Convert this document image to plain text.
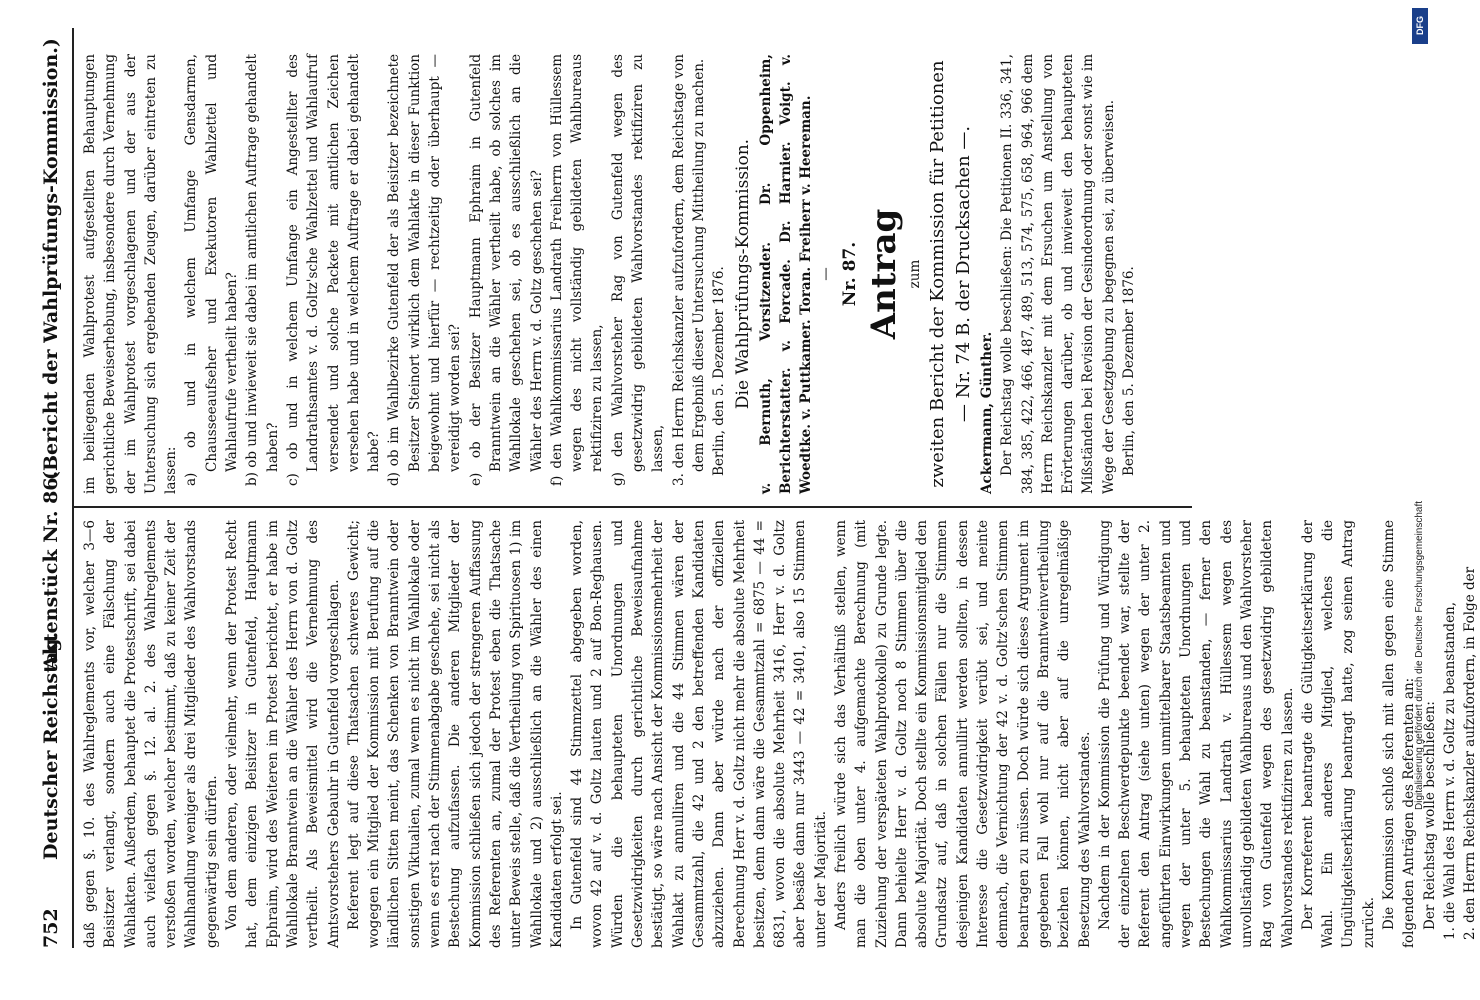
752
Deutscher Reichstag.
Aktenstück Nr. 86.
(Bericht der Wahlprüfungs-Kommission.)

daß gegen §. 10. des Wahlreglements vor, welcher 3—6 Beisitzer verlangt, sondern auch eine Fälschung der Wahlakten. Außerdem, behauptet die Protestschrift, sei dabei auch vielfach gegen §. 12. al. 2. des Wahlreglements verstoßen worden, welcher bestimmt, daß zu keiner Zeit der Wahlhandlung weniger als drei Mitglieder des Wahlvorstands gegenwärtig sein dürfen. Von dem anderen, oder vielmehr, wenn der Protest Recht hat, dem einzigen Beisitzer in Gutenfeld, Hauptmann Ephraim, wird des Weiteren im Protest berichtet, er habe im Wahllokale Branntwein an die Wähler des Herrn von d. Goltz vertheilt. Als Beweismittel wird die Vernehmung des Amtsvorstehers Gebauhr in Gutenfeld vorgeschlagen. Referent legt auf diese Thatsachen schweres Gewicht; wogegen ein Mitglied der Kommission mit Berufung auf die ländlichen Sitten meint, das Schenken von Branntwein oder sonstigen Viktualien, zumal wenn es nicht im Wahllokale oder wenn es erst nach der Stimmenabgabe geschehe, sei nicht als Bestechung aufzufassen. Die anderen Mitglieder der Kommission schließen sich jedoch der strengeren Auffassung des Referenten an, zumal der Protest eben die Thatsache unter Beweis stelle, daß die Vertheilung von Spirituosen 1) im Wahllokale und 2) ausschließlich an die Wähler des einen Kandidaten erfolgt sei. In Gutenfeld sind 44 Stimmzettel abgegeben worden, wovon 42 auf v. d. Goltz lauten und 2 auf Bon-Reghausen. Würden die behaupteten Unordnungen und Gesetzwidrigkeiten durch gerichtliche Beweisaufnahme bestätigt, so wäre nach Ansicht der Kommissionsmehrheit der Wahlakt zu annulliren und die 44 Stimmen wären der Gesammtzahl, die 42 und 2 den betreffenden Kandidaten abzuziehen. Dann aber würde nach der offiziellen Berechnung Herr v. d. Goltz nicht mehr die absolute Mehrheit besitzen, denn dann wäre die Gesammtzahl = 6875 — 44 = 6831, wovon die absolute Mehrheit 3416, Herr v. d. Goltz aber besäße dann nur 3443 — 42 = 3401, also 15 Stimmen unter der Majorität. Anders freilich würde sich das Verhältniß stellen, wenn man die oben unter 4. aufgemachte Berechnung (mit Zuziehung der verspäteten Wahlprotokolle) zu Grunde legte. Dann behielte Herr v. d. Goltz noch 8 Stimmen über die absolute Majorität. Doch stellte ein Kommissionsmitglied den Grundsatz auf, daß in solchen Fällen nur die Stimmen desjenigen Kandidaten annullirt werden sollten, in dessen Interesse die Gesetzwidrigkeit verübt sei, und meinte demnach, die Vernichtung der 42 v. d. Goltz'schen Stimmen beantragen zu müssen. Doch würde sich dieses Argument im gegebenen Fall wohl nur auf die Branntweinvertheilung beziehen können, nicht aber auf die unregelmäßige Besetzung des Wahlvorstandes. Nachdem in der Kommission die Prüfung und Würdigung der einzelnen Beschwerdepunkte beendet war, stellte der Referent den Antrag (siehe unten) wegen der unter 2. angeführten Einwirkungen unmittelbarer Staatsbeamten und wegen der unter 5. behaupteten Unordnungen und Bestechungen die Wahl zu beanstanden, — ferner den Wahlkommissarius Landrath v. Hüllessem wegen des unvollständig gebildeten Wahlbureaus und den Wahlvorsteher Rag von Gutenfeld wegen des gesetzwidrig gebildeten Wahlvorstandes rektifiziren zu lassen. Der Korreferent beantragte die Gültigkeitserklärung der Wahl. Ein anderes Mitglied, welches die Ungültigkeitserklärung beantragt hatte, zog seinen Antrag zurück. Die Kommission schloß sich mit allen gegen eine Stimme folgenden Anträgen des Referenten an: Der Reichstag wolle beschließen: 1. die Wahl des Herrn v. d. Goltz zu beanstanden, 2. den Herrn Reichskanzler aufzufordern, in Folge der

im beiliegenden Wahlprotest aufgestellten Behauptungen gerichtliche Beweiserhebung, insbesondere durch Vernehmung der im Wahlprotest vorgeschlagenen und der aus der Untersuchung sich ergebenden Zeugen, darüber eintreten zu lassen: a) ob und in welchem Umfange Gensdarmen, Chausseeaufseher und Exekutoren Wahlzettel und Wahlaufrufe vertheilt haben? b) ob und inwieweit sie dabei im amtlichen Auftrage gehandelt haben? c) ob und in welchem Umfange ein Angestellter des Landrathsamtes v. d. Goltz'sche Wahlzettel und Wahlaufruf versendet und solche Packete mit amtlichen Zeichen versehen habe und in welchem Auftrage er dabei gehandelt habe? d) ob im Wahlbezirke Gutenfeld der als Beisitzer bezeichnete Besitzer Steinort wirklich dem Wahlakte in dieser Funktion beigewohnt und hierfür — rechtzeitig oder überhaupt — vereidigt worden sei? e) ob der Besitzer Hauptmann Ephraim in Gutenfeld Branntwein an die Wähler vertheilt habe, ob solches im Wahllokale geschehen sei, ob es ausschließlich an die Wähler des Herrn v. d. Goltz geschehen sei? f) den Wahlkommissarius Landrath Freiherrn von Hüllessem wegen des nicht vollständig gebildeten Wahlbureaus rektifiziren zu lassen, g) den Wahlvorsteher Rag von Gutenfeld wegen des gesetzwidrig gebildeten Wahlvorstandes rektifiziren zu lassen, 3. den Herrn Reichskanzler aufzufordern, dem Reichstage von dem Ergebniß dieser Untersuchung Mittheilung zu machen. Berlin, den 5. Dezember 1876. Die Wahlprüfungs-Kommission. v. Bernuth, Vorsitzender. Dr. Oppenheim, Berichterstatter. v. Forcade. Dr. Harnier. Voigt. v. Woedtke. v. Puttkamer. Toran. Freiherr v. Heereman. — Nr. 87. Antrag zum zweiten Bericht der Kommission für Petitionen — Nr. 74 B. der Drucksachen —. Ackermann, Günther. Der Reichstag wolle beschließen: Die Petitionen II. 336, 341, 384, 385, 422, 466, 487, 489, 513, 574, 575, 658, 964, 966 dem Herrn Reichskanzler mit dem Ersuchen um Anstellung von Erörterungen darüber, ob und inwieweit den behaupteten Mißständen bei Revision der Gesindeordnung oder sonst wie im Wege der Gesetzgebung zu begegnen sei, zu überweisen. Berlin, den 5. Dezember 1876.

DFG
Digitalisierung gefördert durch die Deutsche Forschungsgemeinschaft
